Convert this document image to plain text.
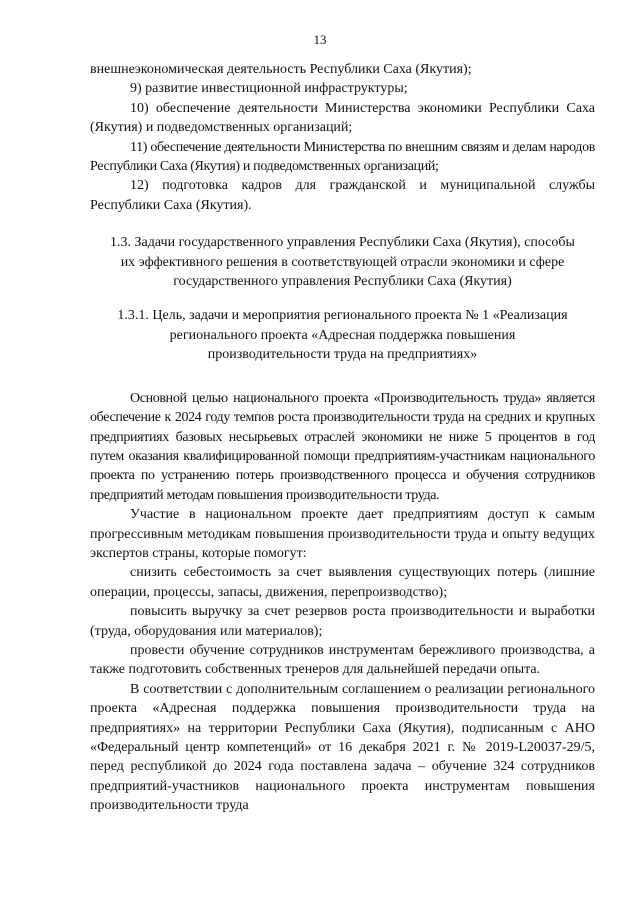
13

внешнеэкономическая деятельность Республики Саха (Якутия);

9) развитие инвестиционной инфраструктуры;

10) обеспечение деятельности Министерства экономики Республики Саха (Якутия) и подведомственных организаций;

11) обеспечение деятельности Министерства по внешним связям и делам народов Республики Саха (Якутия) и подведомственных организаций;

12) подготовка кадров для гражданской и муниципальной службы Республики Саха (Якутия).

1.3. Задачи государственного управления Республики Саха (Якутия), способы их эффективного решения в соответствующей отрасли экономики и сфере государственного управления Республики Саха (Якутия)
1.3.1. Цель, задачи и мероприятия регионального проекта № 1 «Реализация регионального проекта «Адресная поддержка повышения производительности труда на предприятиях»

Основной целью национального проекта «Производительность труда» является обеспечение к 2024 году темпов роста производительности труда на средних и крупных предприятиях базовых несырьевых отраслей экономики не ниже 5 процентов в год путем оказания квалифицированной помощи предприятиям-участникам национального проекта по устранению потерь производственного процесса и обучения сотрудников предприятий методам повышения производительности труда.

Участие в национальном проекте дает предприятиям доступ к самым прогрессивным методикам повышения производительности труда и опыту ведущих экспертов страны, которые помогут:

снизить себестоимость за счет выявления существующих потерь (лишние операции, процессы, запасы, движения, перепроизводство);

повысить выручку за счет резервов роста производительности и выработки (труда, оборудования или материалов);

провести обучение сотрудников инструментам бережливого производства, а также подготовить собственных тренеров для дальнейшей передачи опыта.

В соответствии с дополнительным соглашением о реализации регионального проекта «Адресная поддержка повышения производительности труда на предприятиях» на территории Республики Саха (Якутия), подписанным с АНО «Федеральный центр компетенций» от 16 декабря 2021 г. № 2019-L20037-29/5, перед республикой до 2024 года поставлена задача – обучение 324 сотрудников предприятий-участников национального проекта инструментам повышения производительности труда
